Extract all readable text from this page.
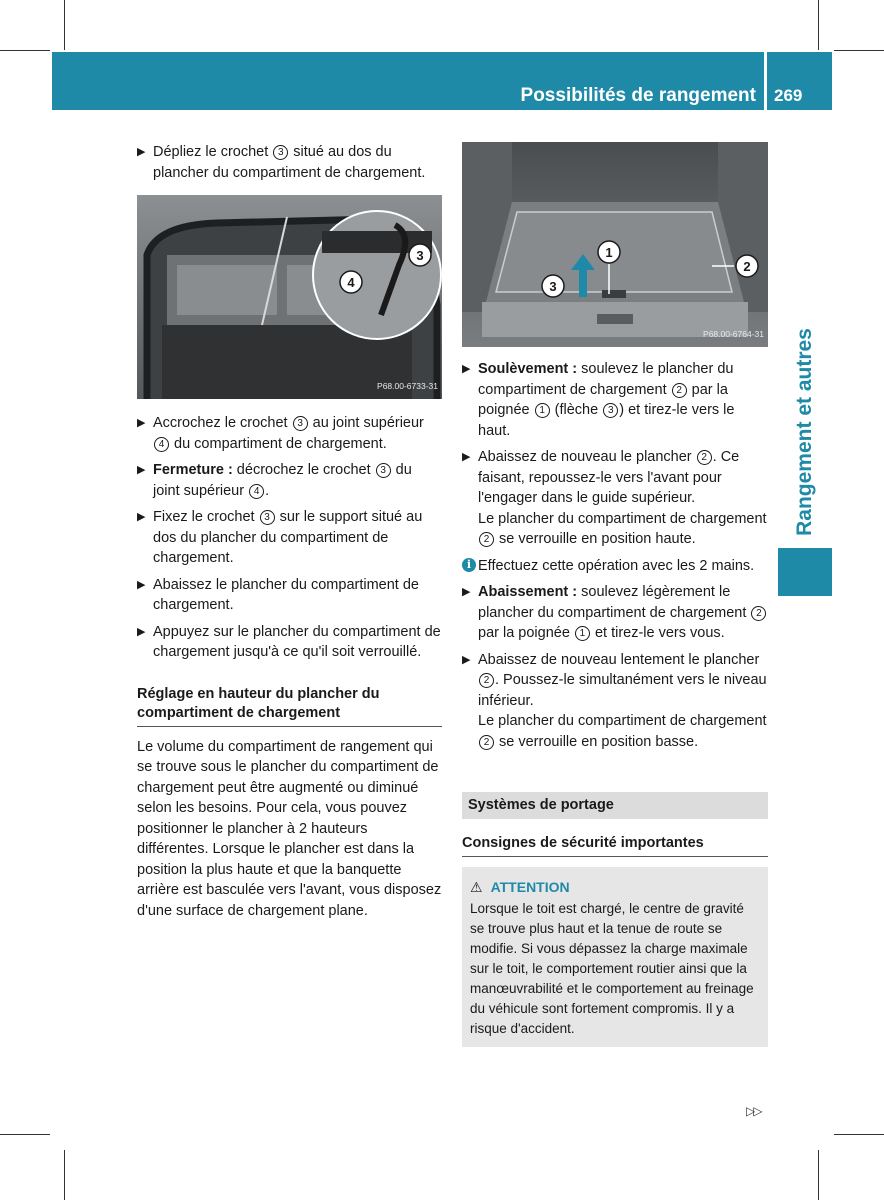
Possibilités de rangement 269
Rangement et autres
▶ Dépliez le crochet 3 situé au dos du plancher du compartiment de chargement.
3
4
P68.00-6733-31
▶ Accrochez le crochet 3 au joint supérieur 4 du compartiment de chargement.
▶ Fermeture : décrochez le crochet 3 du joint supérieur 4 .
▶ Fixez le crochet 3 sur le support situé au dos du plancher du compartiment de chargement.
▶ Abaissez le plancher du compartiment de chargement.
▶ Appuyez sur le plancher du compartiment de chargement jusqu'à ce qu'il soit verrouillé.
Réglage en hauteur du plancher du compartiment de chargement
Le volume du compartiment de rangement qui se trouve sous le plancher du compartiment de chargement peut être augmenté ou diminué selon les besoins. Pour cela, vous pouvez positionner le plancher à 2 hauteurs différentes. Lorsque le plancher est dans la position la plus haute et que la banquette arrière est basculée vers l'avant, vous disposez d'une surface de chargement plane.
1
2
3
P68.00-6764-31
▶ Soulèvement : soulevez le plancher du compartiment de chargement 2 par la poignée 1 (flèche 3 ) et tirez-le vers le haut.
▶ Abaissez de nouveau le plancher 2 . Ce faisant, repoussez-le vers l'avant pour l'engager dans le guide supérieur.
Le plancher du compartiment de chargement 2 se verrouille en position haute.
i Effectuez cette opération avec les 2 mains.
▶ Abaissement : soulevez légèrement le plancher du compartiment de chargement 2 par la poignée 1 et tirez-le vers vous.
▶ Abaissez de nouveau lentement le plancher 2 . Poussez-le simultanément vers le niveau inférieur.
Le plancher du compartiment de chargement 2 se verrouille en position basse.
Systèmes de portage
Consignes de sécurité importantes
⚠ ATTENTION
Lorsque le toit est chargé, le centre de gravité se trouve plus haut et la tenue de route se modifie. Si vous dépassez la charge maximale sur le toit, le comportement routier ainsi que la manœuvrabilité et le comportement au freinage du véhicule sont fortement compromis. Il y a risque d'accident.
▷▷
